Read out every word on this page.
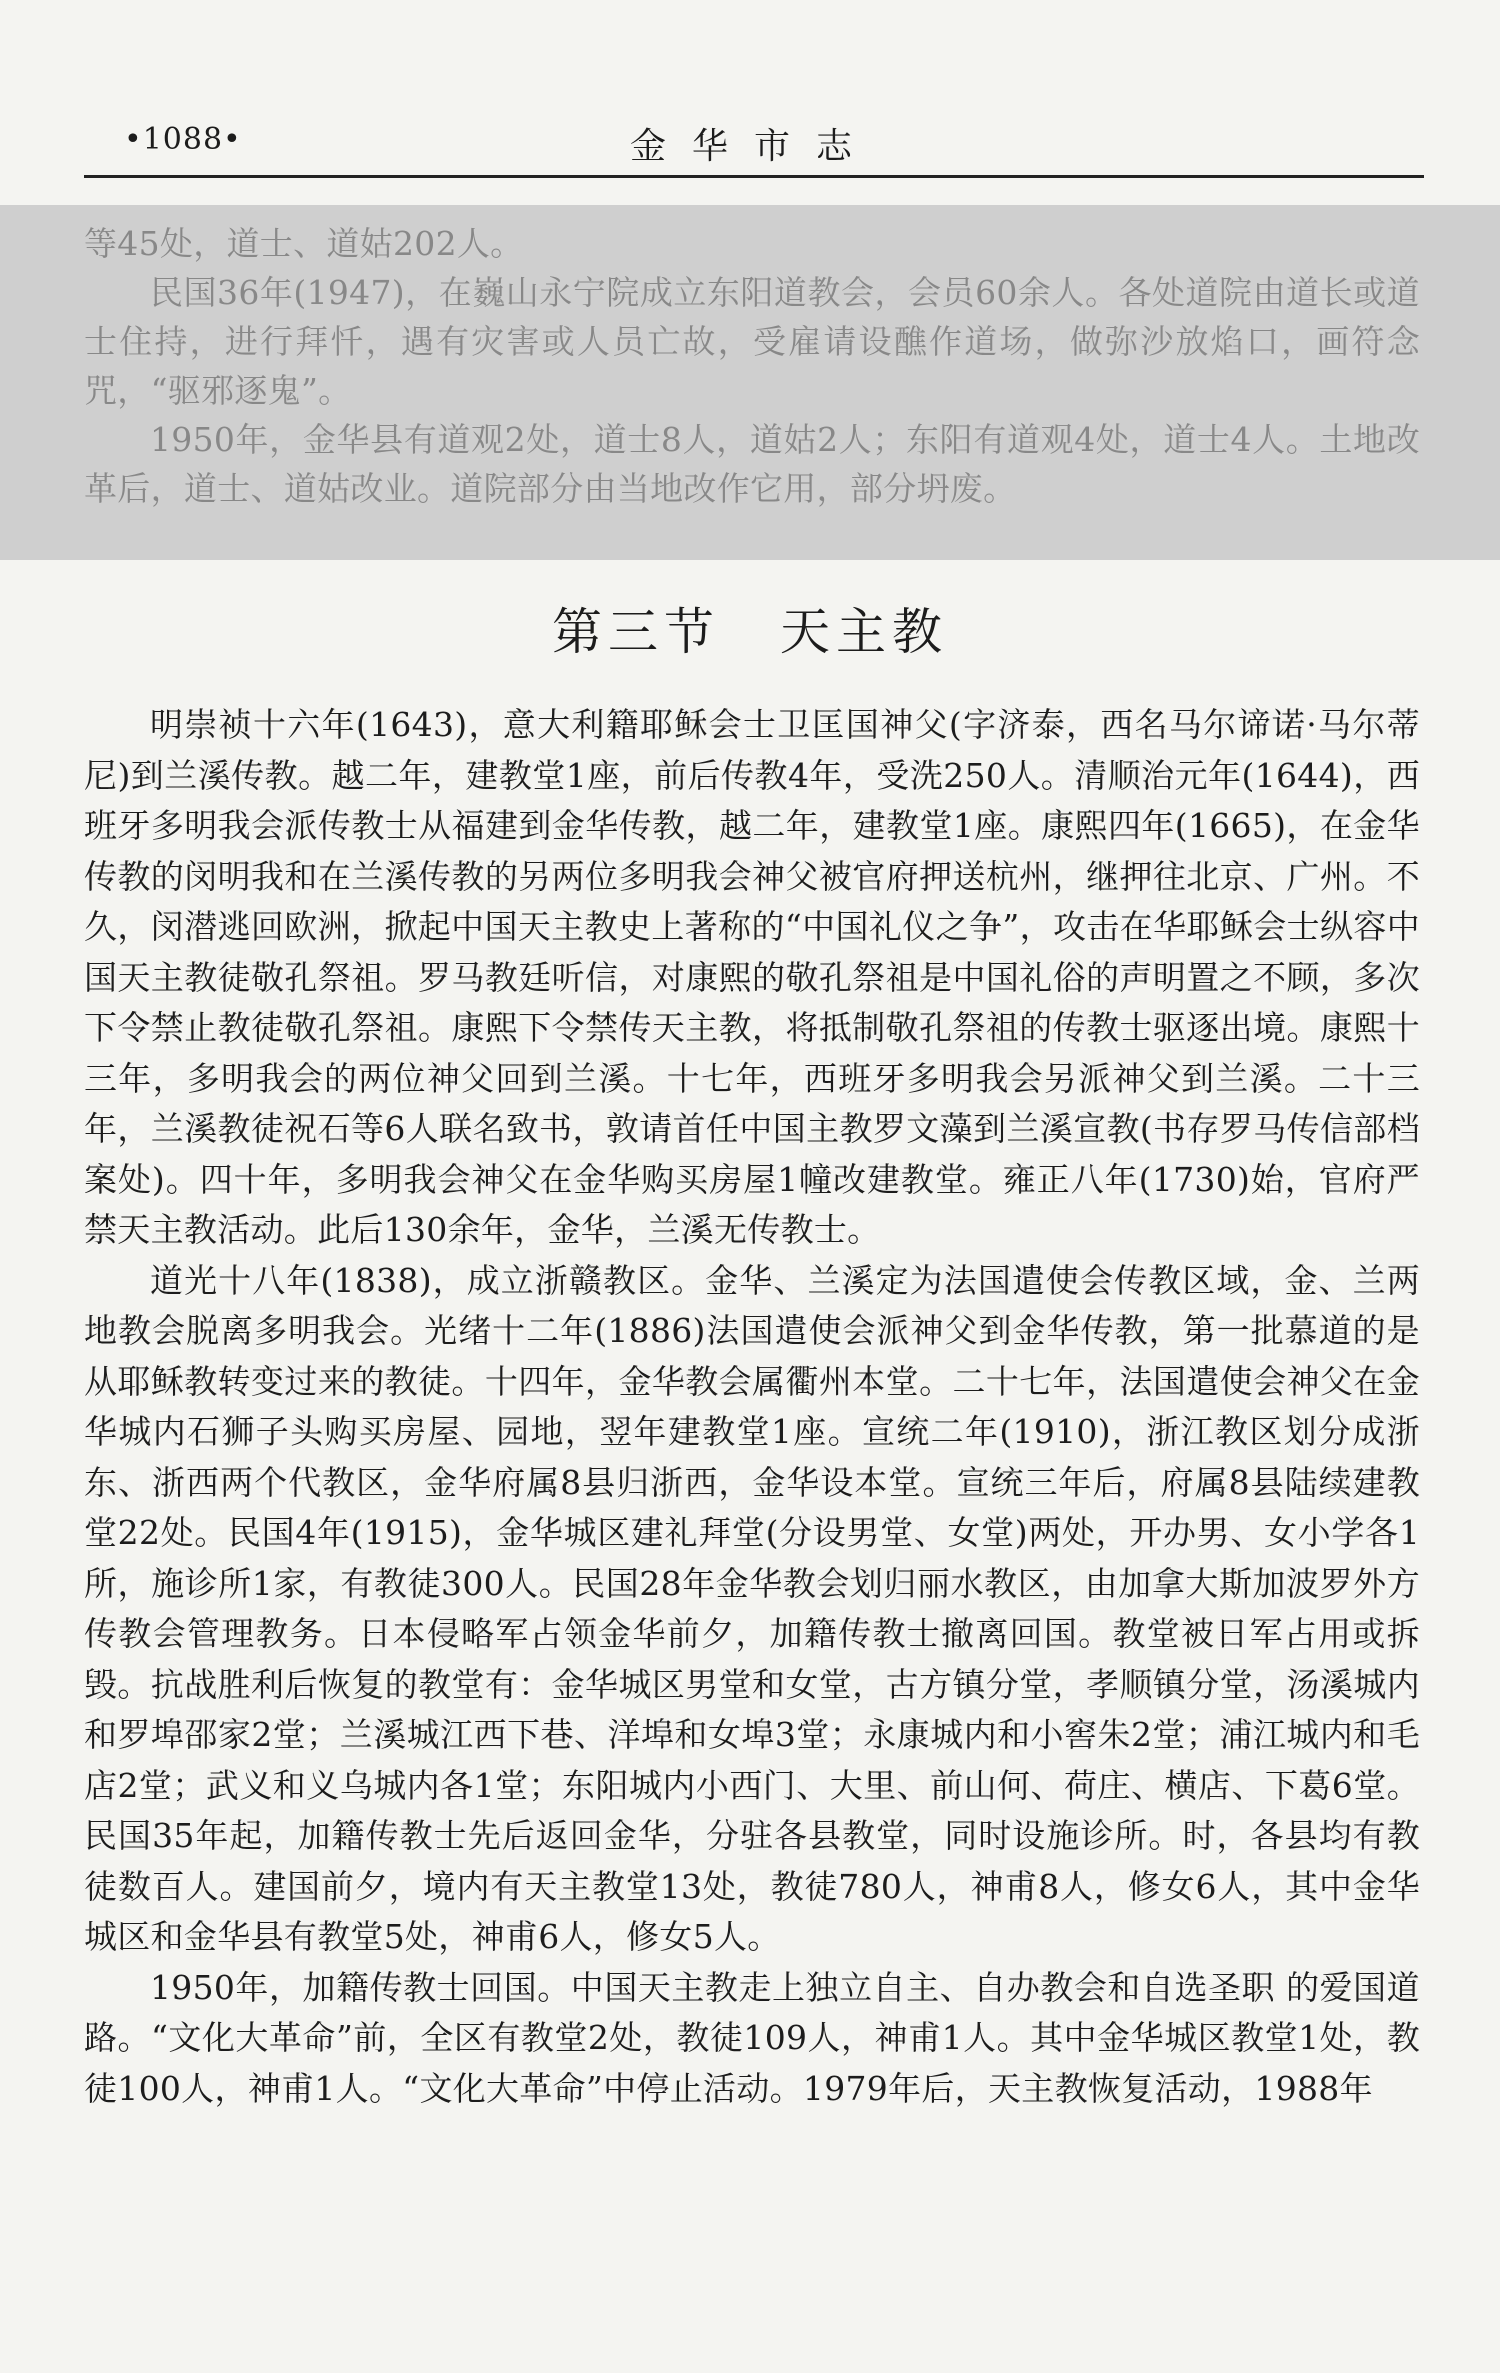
•1088•	金华市志

等45处，道士、道姑202人。

民国36年(1947)，在巍山永宁院成立东阳道教会，会员60余人。各处道院由道长或道士住持，进行拜忏，遇有灾害或人员亡故，受雇请设醮作道场，做弥沙放焰口，画符念咒，“驱邪逐鬼”。

1950年，金华县有道观2处，道士8人，道姑2人；东阳有道观4处，道士4人。土地改革后，道士、道姑改业。道院部分由当地改作它用，部分坍废。

第三节 天主教

明崇祯十六年(1643)，意大利籍耶稣会士卫匡国神父(字济泰，西名马尔谛诺·马尔蒂尼)到兰溪传教。越二年，建教堂1座，前后传教4年，受洗250人。清顺治元年(1644)，西班牙多明我会派传教士从福建到金华传教，越二年，建教堂1座。康熙四年(1665)，在金华传教的闵明我和在兰溪传教的另两位多明我会神父被官府押送杭州，继押往北京、广州。不久，闵潜逃回欧洲，掀起中国天主教史上著称的“中国礼仪之争”，攻击在华耶稣会士纵容中国天主教徒敬孔祭祖。罗马教廷听信，对康熙的敬孔祭祖是中国礼俗的声明置之不顾，多次下令禁止教徒敬孔祭祖。康熙下令禁传天主教，将抵制敬孔祭祖的传教士驱逐出境。康熙十三年，多明我会的两位神父回到兰溪。十七年，西班牙多明我会另派神父到兰溪。二十三年，兰溪教徒祝石等6人联名致书，敦请首任中国主教罗文藻到兰溪宣教(书存罗马传信部档案处)。四十年，多明我会神父在金华购买房屋1幢改建教堂。雍正八年(1730)始，官府严禁天主教活动。此后130余年，金华，兰溪无传教士。

道光十八年(1838)，成立浙赣教区。金华、兰溪定为法国遣使会传教区域，金、兰两地教会脱离多明我会。光绪十二年(1886)法国遣使会派神父到金华传教，第一批慕道的是从耶稣教转变过来的教徒。十四年，金华教会属衢州本堂。二十七年，法国遣使会神父在金华城内石狮子头购买房屋、园地，翌年建教堂1座。宣统二年(1910)，浙江教区划分成浙东、浙西两个代教区，金华府属8县归浙西，金华设本堂。宣统三年后，府属8县陆续建教堂22处。民国4年(1915)，金华城区建礼拜堂(分设男堂、女堂)两处，开办男、女小学各1所，施诊所1家，有教徒300人。民国28年金华教会划归丽水教区，由加拿大斯加波罗外方传教会管理教务。日本侵略军占领金华前夕，加籍传教士撤离回国。教堂被日军占用或拆毁。抗战胜利后恢复的教堂有：金华城区男堂和女堂，古方镇分堂，孝顺镇分堂，汤溪城内和罗埠邵家2堂；兰溪城江西下巷、洋埠和女埠3堂；永康城内和小窖朱2堂；浦江城内和毛店2堂；武义和义乌城内各1堂；东阳城内小西门、大里、前山何、荷庄、横店、下葛6堂。民国35年起，加籍传教士先后返回金华，分驻各县教堂，同时设施诊所。时，各县均有教徒数百人。建国前夕，境内有天主教堂13处，教徒780人，神甫8人，修女6人，其中金华城区和金华县有教堂5处，神甫6人，修女5人。

1950年，加籍传教士回国。中国天主教走上独立自主、自办教会和自选圣职 的爱国道路。“文化大革命”前，全区有教堂2处，教徒109人，神甫1人。其中金华城区教堂1处，教徒100人，神甫1人。“文化大革命”中停止活动。1979年后，天主教恢复活动，1988年
